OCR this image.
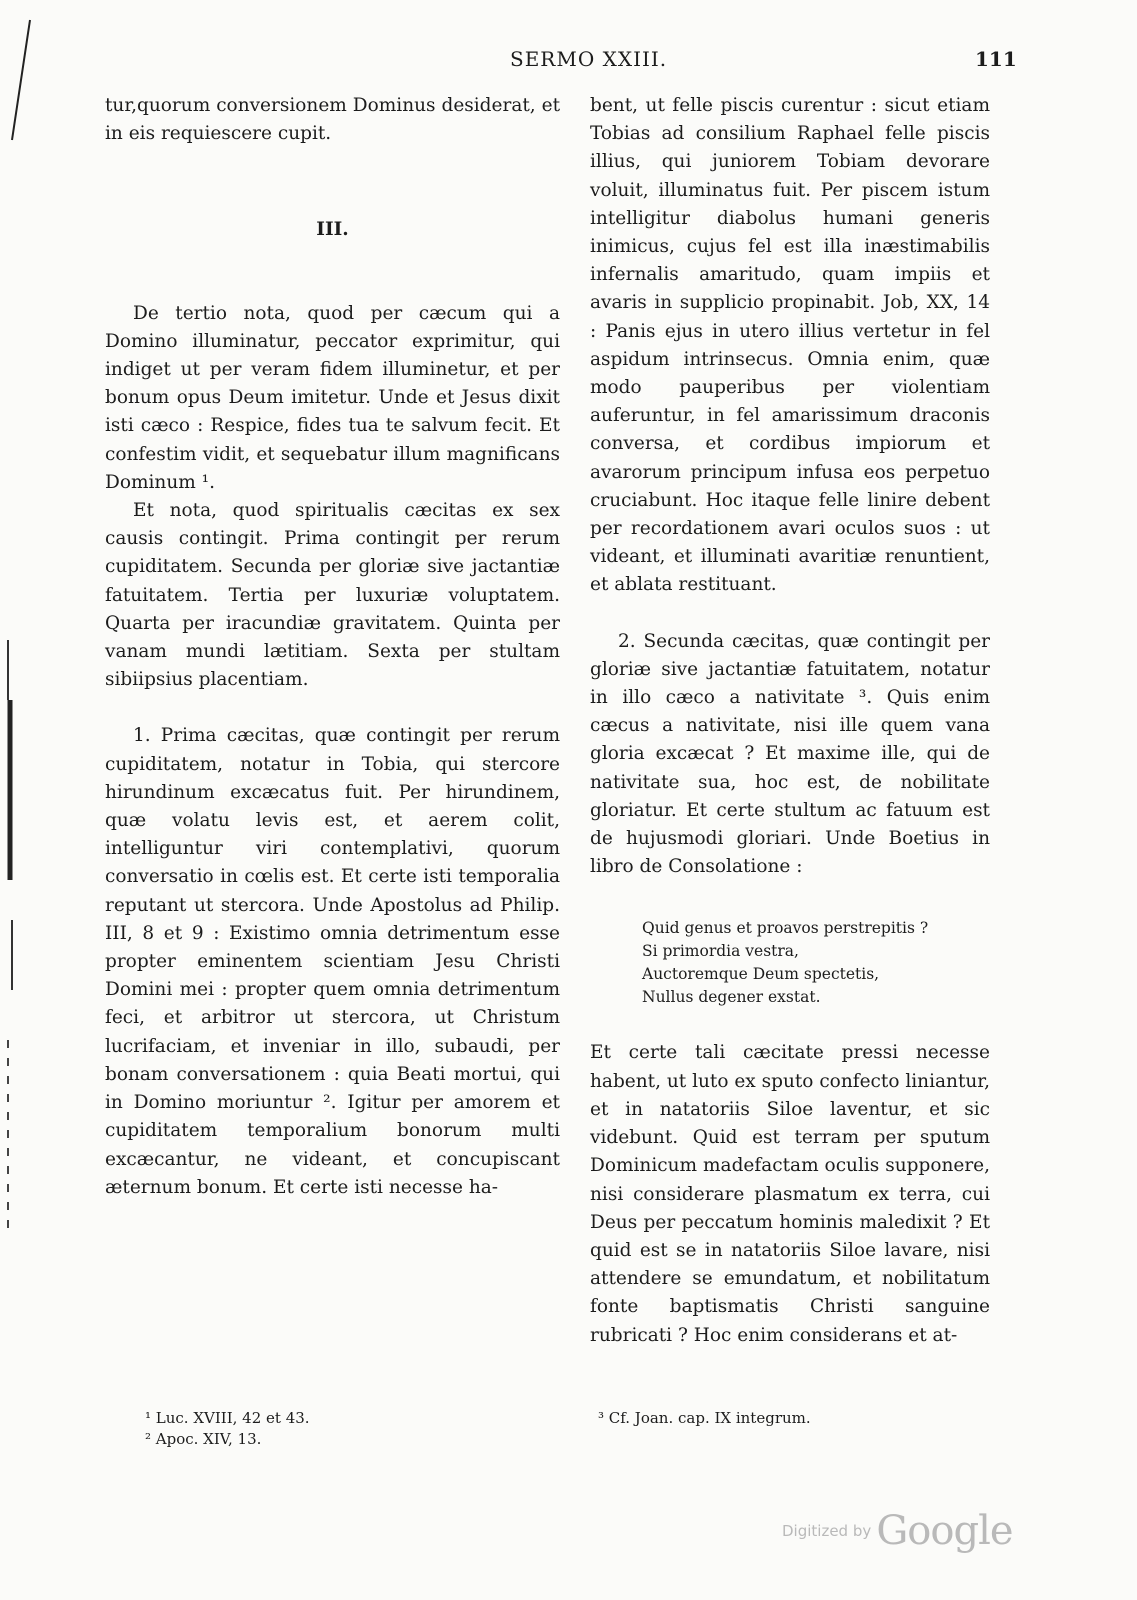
SERMO XXIII.	111

tur,quorum conversionem Dominus desiderat, et in eis requiescere cupit.

III.

De tertio nota, quod per cæcum qui a Domino illuminatur, peccator exprimitur, qui indiget ut per veram fidem illuminetur, et per bonum opus Deum imitetur. Unde et Jesus dixit isti cæco : Respice, fides tua te salvum fecit. Et confestim vidit, et sequebatur illum magnificans Dominum ¹.

Et nota, quod spiritualis cæcitas ex sex causis contingit. Prima contingit per rerum cupiditatem. Secunda per gloriæ sive jactantiæ fatuitatem. Tertia per luxuriæ voluptatem. Quarta per iracundiæ gravitatem. Quinta per vanam mundi lætitiam. Sexta per stultam sibiipsius placentiam.

1. Prima cæcitas, quæ contingit per rerum cupiditatem, notatur in Tobia, qui stercore hirundinum excæcatus fuit. Per hirundinem, quæ volatu levis est, et aerem colit, intelliguntur viri contemplativi, quorum conversatio in cœlis est. Et certe isti temporalia reputant ut stercora. Unde Apostolus ad Philip. III, 8 et 9 : Existimo omnia detrimentum esse propter eminentem scientiam Jesu Christi Domini mei : propter quem omnia detrimentum feci, et arbitror ut stercora, ut Christum lucrifaciam, et inveniar in illo, subaudi, per bonam conversationem : quia Beati mortui, qui in Domino moriuntur ². Igitur per amorem et cupiditatem temporalium bonorum multi excæcantur, ne videant, et concupiscant æternum bonum. Et certe isti necesse ha-

bent, ut felle piscis curentur : sicut etiam Tobias ad consilium Raphael felle piscis illius, qui juniorem Tobiam devorare voluit, illuminatus fuit. Per piscem istum intelligitur diabolus humani generis inimicus, cujus fel est illa inæstimabilis infernalis amaritudo, quam impiis et avaris in supplicio propinabit. Job, XX, 14 : Panis ejus in utero illius vertetur in fel aspidum intrinsecus. Omnia enim, quæ modo pauperibus per violentiam auferuntur, in fel amarissimum draconis conversa, et cordibus impiorum et avarorum principum infusa eos perpetuo cruciabunt. Hoc itaque felle linire debent per recordationem avari oculos suos : ut videant, et illuminati avaritiæ renuntient, et ablata restituant.

2. Secunda cæcitas, quæ contingit per gloriæ sive jactantiæ fatuitatem, notatur in illo cæco a nativitate ³. Quis enim cæcus a nativitate, nisi ille quem vana gloria excæcat ? Et maxime ille, qui de nativitate sua, hoc est, de nobilitate gloriatur. Et certe stultum ac fatuum est de hujusmodi gloriari. Unde Boetius in libro de Consolatione :

Quid genus et proavos perstrepitis ?
Si primordia vestra,
Auctoremque Deum spectetis,
Nullus degener exstat.

Et certe tali cæcitate pressi necesse habent, ut luto ex sputo confecto liniantur, et in natatoriis Siloe laventur, et sic videbunt. Quid est terram per sputum Dominicum madefactam oculis supponere, nisi considerare plasmatum ex terra, cui Deus per peccatum hominis maledixit ? Et quid est se in natatoriis Siloe lavare, nisi attendere se emundatum, et nobilitatum fonte baptismatis Christi sanguine rubricati ? Hoc enim considerans et at-

¹ Luc. XVIII, 42 et 43.

² Apoc. XIV, 13.

³ Cf. Joan. cap. IX integrum.

Digitized by Google
